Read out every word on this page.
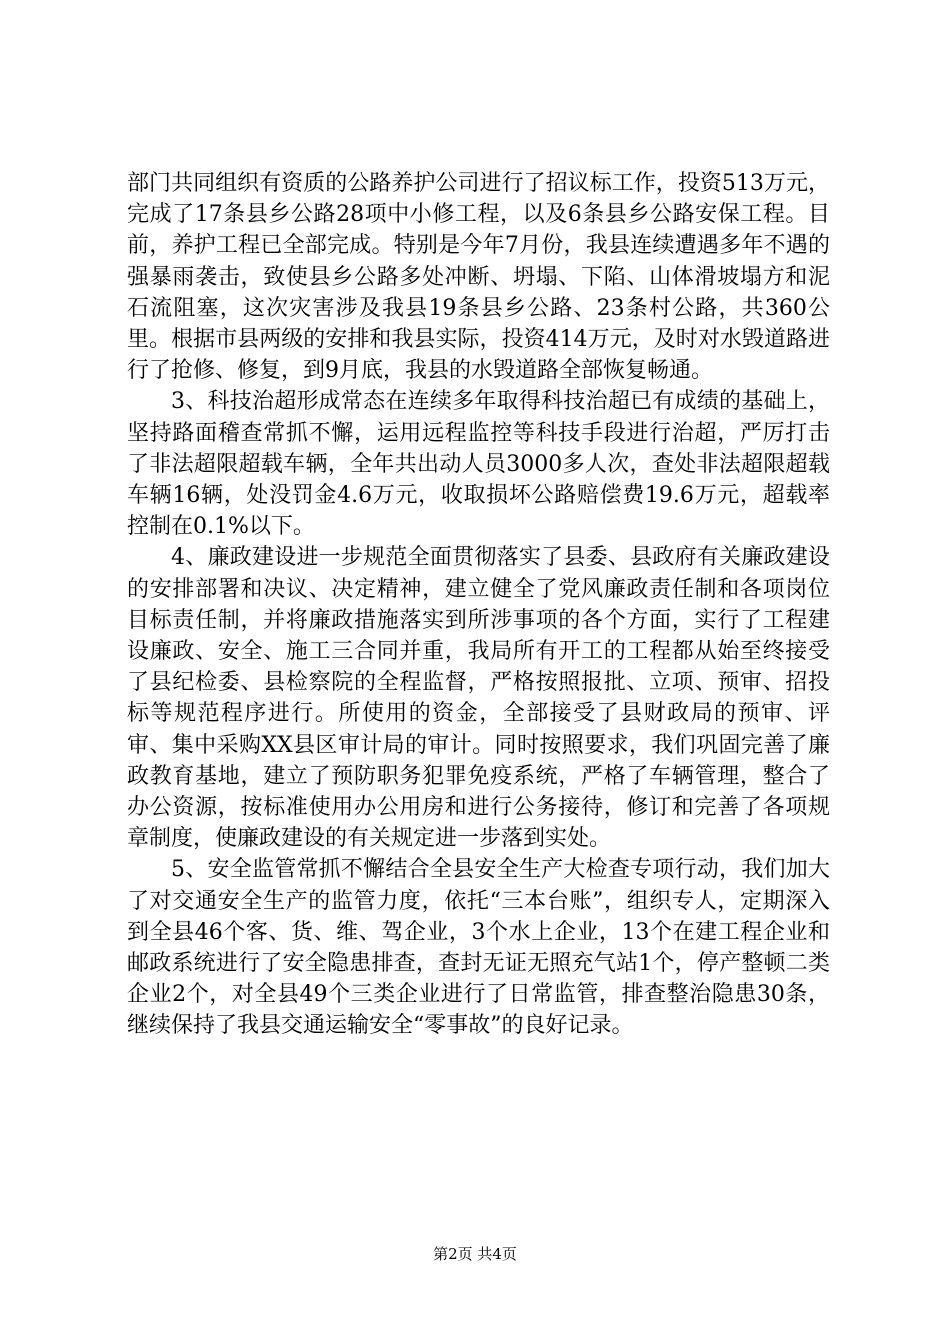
部门共同组织有资质的公路养护公司进行了招议标工作，投资513万元，完成了17条县乡公路28项中小修工程，以及6条县乡公路安保工程。目前，养护工程已全部完成。特别是今年7月份，我县连续遭遇多年不遇的强暴雨袭击，致使县乡公路多处冲断、坍塌、下陷、山体滑坡塌方和泥石流阻塞，这次灾害涉及我县19条县乡公路、23条村公路，共360公里。根据市县两级的安排和我县实际，投资414万元，及时对水毁道路进行了抢修、修复，到9月底，我县的水毁道路全部恢复畅通。

3、科技治超形成常态在连续多年取得科技治超已有成绩的基础上，坚持路面稽查常抓不懈，运用远程监控等科技手段进行治超，严厉打击了非法超限超载车辆，全年共出动人员3000多人次，查处非法超限超载车辆16辆，处没罚金4.6万元，收取损坏公路赔偿费19.6万元，超载率控制在0.1%以下。

4、廉政建设进一步规范全面贯彻落实了县委、县政府有关廉政建设的安排部署和决议、决定精神，建立健全了党风廉政责任制和各项岗位目标责任制，并将廉政措施落实到所涉事项的各个方面，实行了工程建设廉政、安全、施工三合同并重，我局所有开工的工程都从始至终接受了县纪检委、县检察院的全程监督，严格按照报批、立项、预审、招投标等规范程序进行。所使用的资金，全部接受了县财政局的预审、评审、集中采购XX县区审计局的审计。同时按照要求，我们巩固完善了廉政教育基地，建立了预防职务犯罪免疫系统，严格了车辆管理，整合了办公资源，按标准使用办公用房和进行公务接待，修订和完善了各项规章制度，使廉政建设的有关规定进一步落到实处。

5、安全监管常抓不懈结合全县安全生产大检查专项行动，我们加大了对交通安全生产的监管力度，依托“三本台账”，组织专人，定期深入到全县46个客、货、维、驾企业，3个水上企业，13个在建工程企业和邮政系统进行了安全隐患排查，查封无证无照充气站1个，停产整顿二类企业2个，对全县49个三类企业进行了日常监管，排查整治隐患30条，继续保持了我县交通运输安全“零事故”的良好记录。

第2页 共4页
